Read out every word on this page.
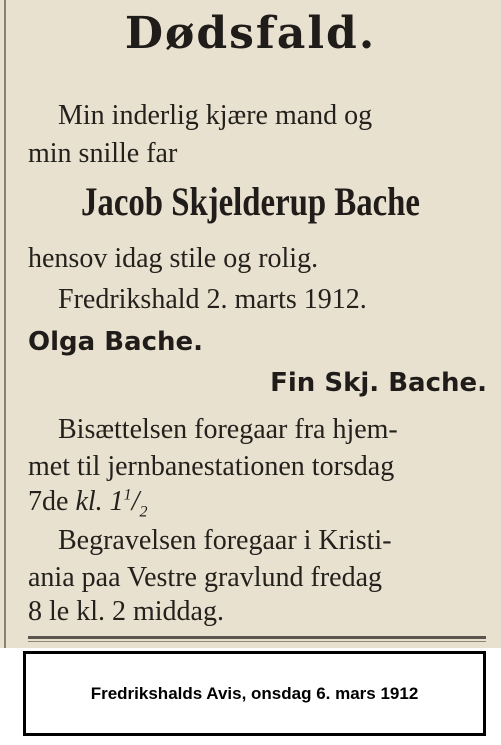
Dødsfald.
Min inderlig kjære mand og
min snille far
Jacob Skjelderup Bache
hensov idag stile og rolig.
Fredrikshald 2. marts 1912.
Olga Bache.
Fin Skj. Bache.
Bisættelsen foregaar fra hjem-
met til jernbanestationen torsdag
7de kl. $1^1/_2$
Begravelsen foregaar i Kristi-
ania paa Vestre gravlund fredag
8 le kl. 2 middag.
Fredrikshalds Avis, onsdag 6. mars 1912
